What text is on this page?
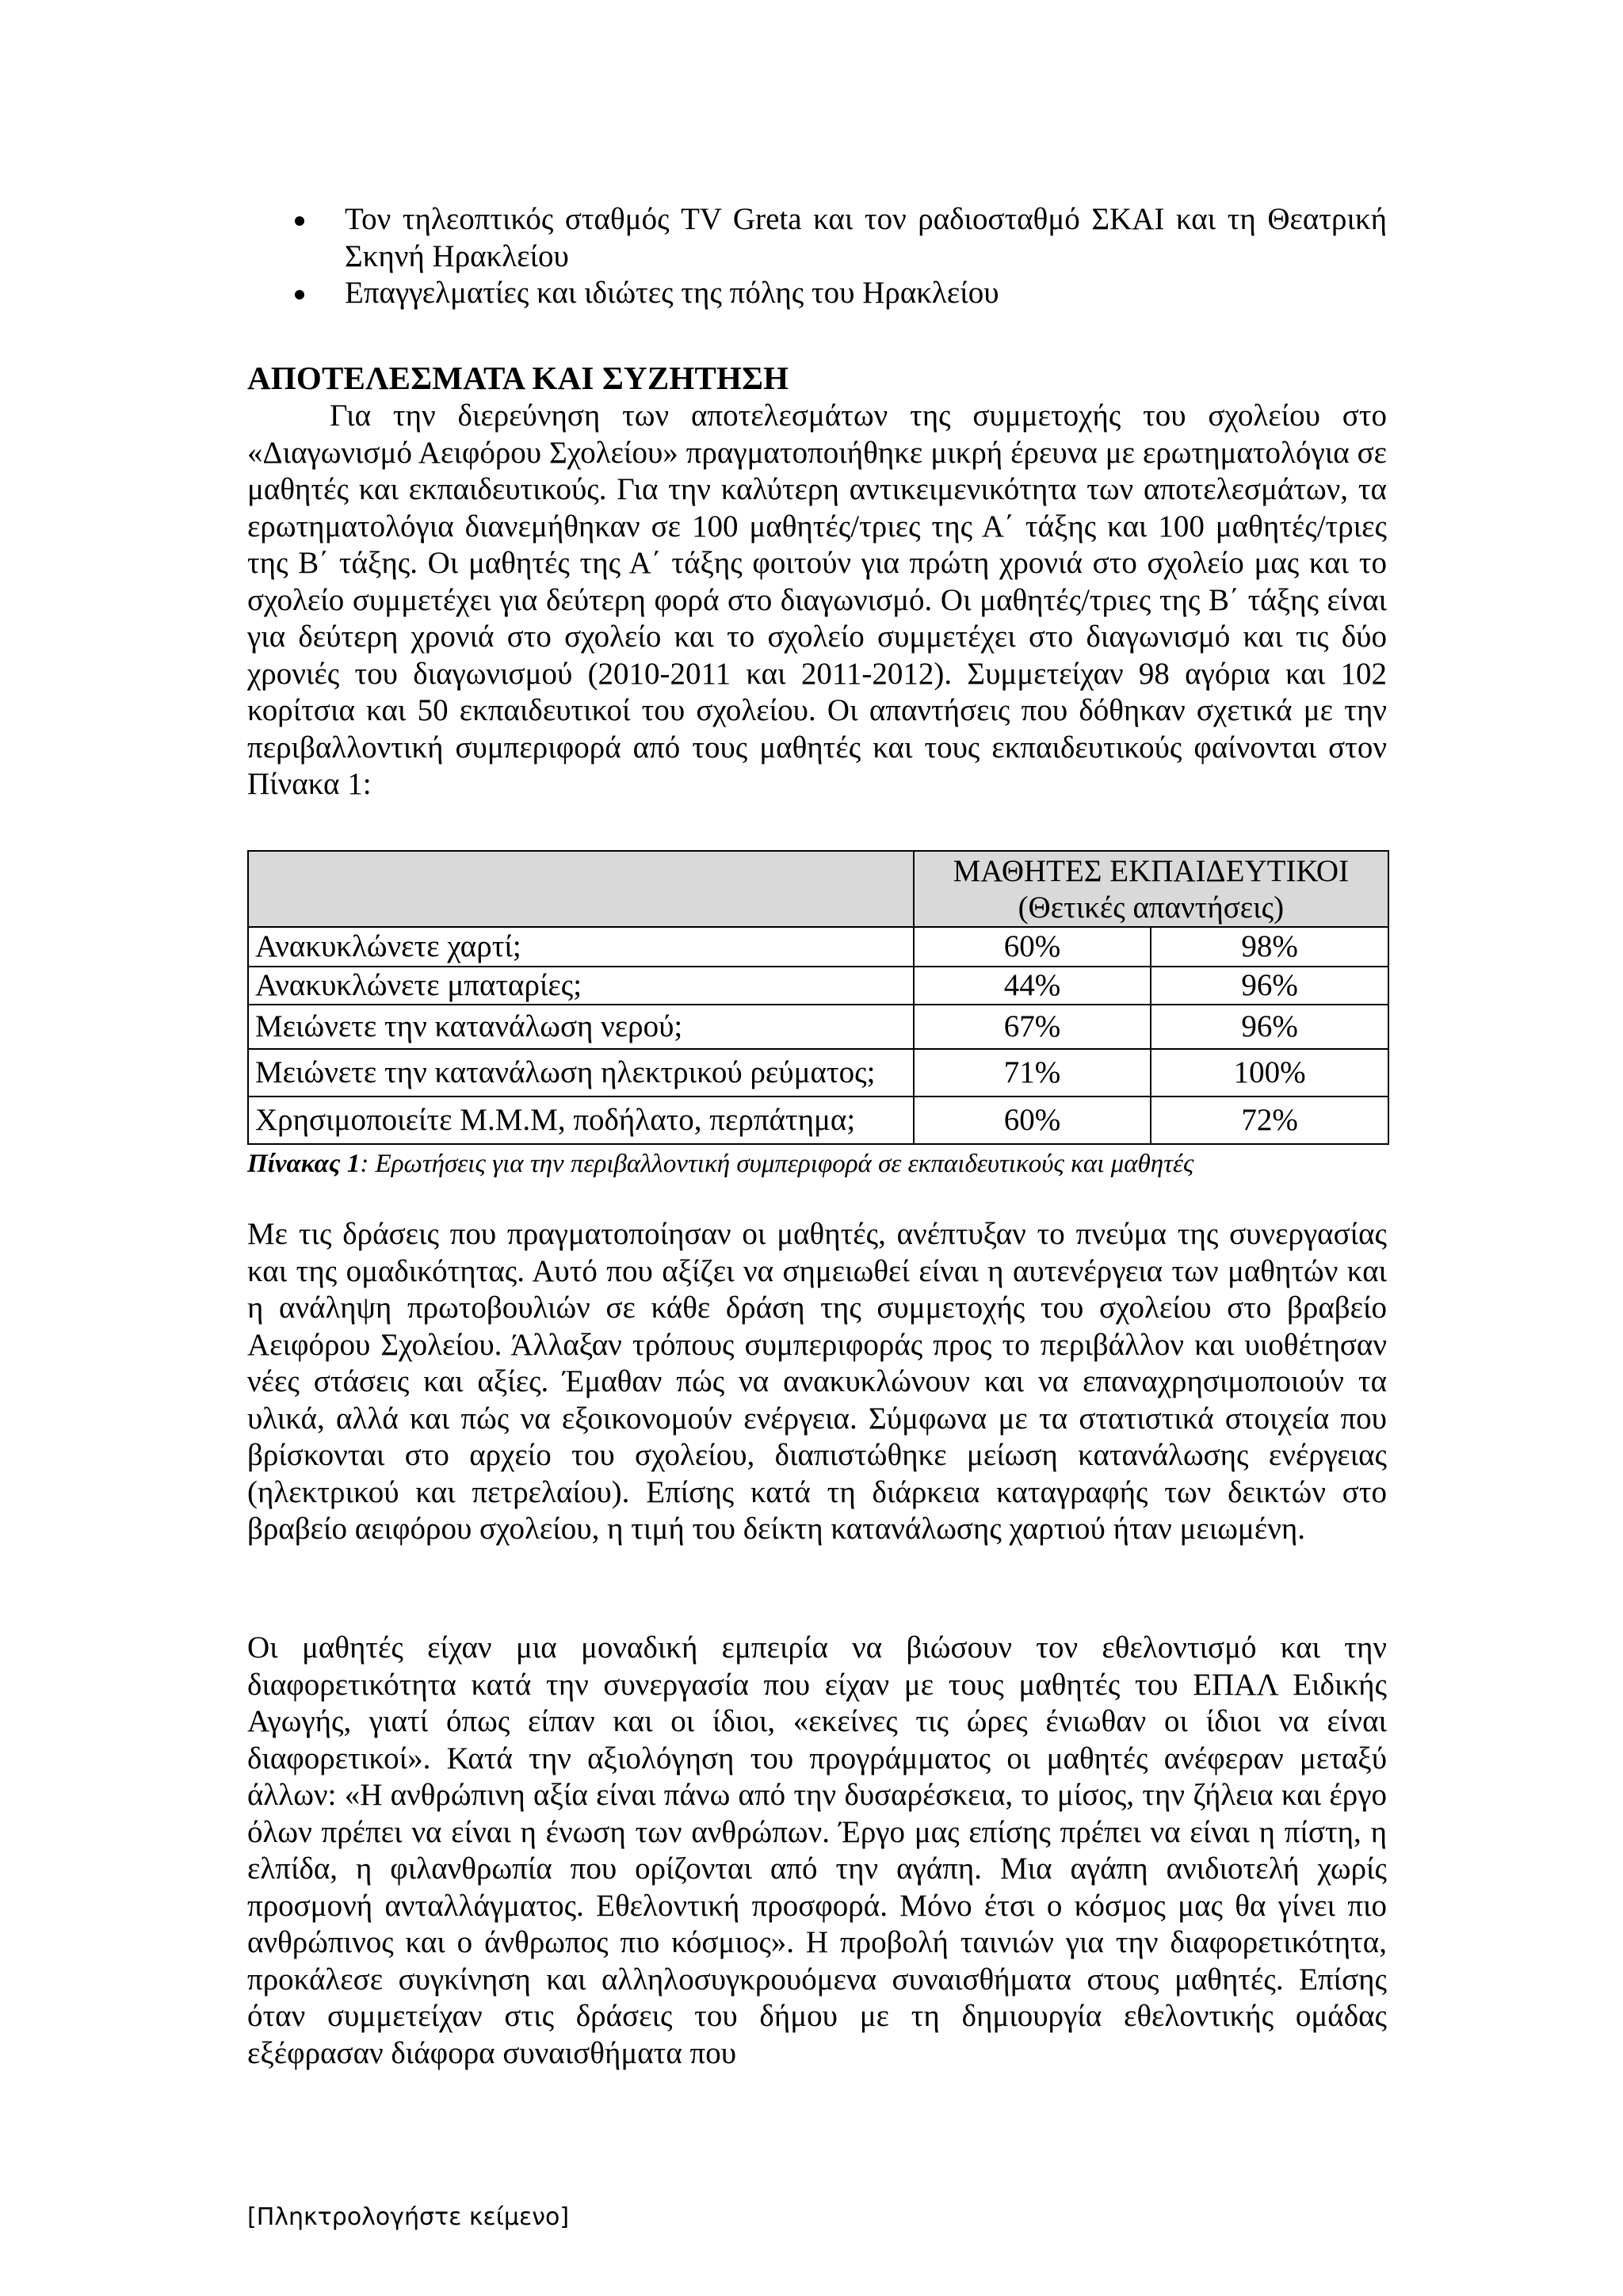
Τον τηλεοπτικός σταθμός TV Greta και τον ραδιοσταθμό ΣΚΑΙ και τη Θεατρική Σκηνή Ηρακλείου
Επαγγελματίες και ιδιώτες της πόλης του Ηρακλείου
ΑΠΟΤΕΛΕΣΜΑΤΑ ΚΑΙ ΣΥΖΗΤΗΣΗ

Για την διερεύνηση των αποτελεσμάτων της συμμετοχής του σχολείου στο «Διαγωνισμό Αειφόρου Σχολείου» πραγματοποιήθηκε μικρή έρευνα με ερωτηματολόγια σε μαθητές και εκπαιδευτικούς. Για την καλύτερη αντικειμενικότητα των αποτελεσμάτων, τα ερωτηματολόγια διανεμήθηκαν σε 100 μαθητές/τριες της Α΄ τάξης και 100 μαθητές/τριες της Β΄ τάξης. Οι μαθητές της Α΄ τάξης φοιτούν για πρώτη χρονιά στο σχολείο μας και το σχολείο συμμετέχει για δεύτερη φορά στο διαγωνισμό. Οι μαθητές/τριες της Β΄ τάξης είναι για δεύτερη χρονιά στο σχολείο και το σχολείο συμμετέχει στο διαγωνισμό και τις δύο χρονιές του διαγωνισμού (2010-2011 και 2011-2012). Συμμετείχαν 98 αγόρια και 102 κορίτσια και 50 εκπαιδευτικοί του σχολείου. Οι απαντήσεις που δόθηκαν σχετικά με την περιβαλλοντική συμπεριφορά από τους μαθητές και τους εκπαιδευτικούς φαίνονται στον Πίνακα 1:

	ΜΑΘΗΤΕΣ ΕΚΠΑΙΔΕΥΤΙΚΟΙ
(Θετικές απαντήσεις)	

Ανακυκλώνετε χαρτί;	60%	98%
Ανακυκλώνετε μπαταρίες;	44%	96%
Μειώνετε την κατανάλωση νερού;	67%	96%
Μειώνετε την κατανάλωση ηλεκτρικού ρεύματος;	71%	100%
Χρησιμοποιείτε Μ.Μ.Μ, ποδήλατο, περπάτημα;	60%	72%
Πίνακας 1: Ερωτήσεις για την περιβαλλοντική συμπεριφορά σε εκπαιδευτικούς και μαθητές

Με τις δράσεις που πραγματοποίησαν οι μαθητές, ανέπτυξαν το πνεύμα της συνεργασίας και της ομαδικότητας. Αυτό που αξίζει να σημειωθεί είναι η αυτενέργεια των μαθητών και η ανάληψη πρωτοβουλιών σε κάθε δράση της συμμετοχής του σχολείου στο βραβείο Αειφόρου Σχολείου. Άλλαξαν τρόπους συμπεριφοράς προς το περιβάλλον και υιοθέτησαν νέες στάσεις και αξίες. Έμαθαν πώς να ανακυκλώνουν και να επαναχρησιμοποιούν τα υλικά, αλλά και πώς να εξοικονομούν ενέργεια. Σύμφωνα με τα στατιστικά στοιχεία που βρίσκονται στο αρχείο του σχολείου, διαπιστώθηκε μείωση κατανάλωσης ενέργειας (ηλεκτρικού και πετρελαίου). Επίσης κατά τη διάρκεια καταγραφής των δεικτών στο βραβείο αειφόρου σχολείου, η τιμή του δείκτη κατανάλωσης χαρτιού ήταν μειωμένη.

Οι μαθητές είχαν μια μοναδική εμπειρία να βιώσουν τον εθελοντισμό και την διαφορετικότητα κατά την συνεργασία που είχαν με τους μαθητές του ΕΠΑΛ Ειδικής Αγωγής, γιατί όπως είπαν και οι ίδιοι, «εκείνες τις ώρες ένιωθαν οι ίδιοι να είναι διαφορετικοί». Κατά την αξιολόγηση του προγράμματος οι μαθητές ανέφεραν μεταξύ άλλων: «Η ανθρώπινη αξία είναι πάνω από την δυσαρέσκεια, το μίσος, την ζήλεια και έργο όλων πρέπει να είναι η ένωση των ανθρώπων. Έργο μας επίσης πρέπει να είναι η πίστη, η ελπίδα, η φιλανθρωπία που ορίζονται από την αγάπη. Μια αγάπη ανιδιοτελή χωρίς προσμονή ανταλλάγματος. Εθελοντική προσφορά. Μόνο έτσι ο κόσμος μας θα γίνει πιο ανθρώπινος και ο άνθρωπος πιο κόσμιος». Η προβολή ταινιών για την διαφορετικότητα, προκάλεσε συγκίνηση και αλληλοσυγκρουόμενα συναισθήματα στους μαθητές. Επίσης όταν συμμετείχαν στις δράσεις του δήμου με τη δημιουργία εθελοντικής ομάδας εξέφρασαν διάφορα συναισθήματα που

[Πληκτρολογήστε κείμενο]
